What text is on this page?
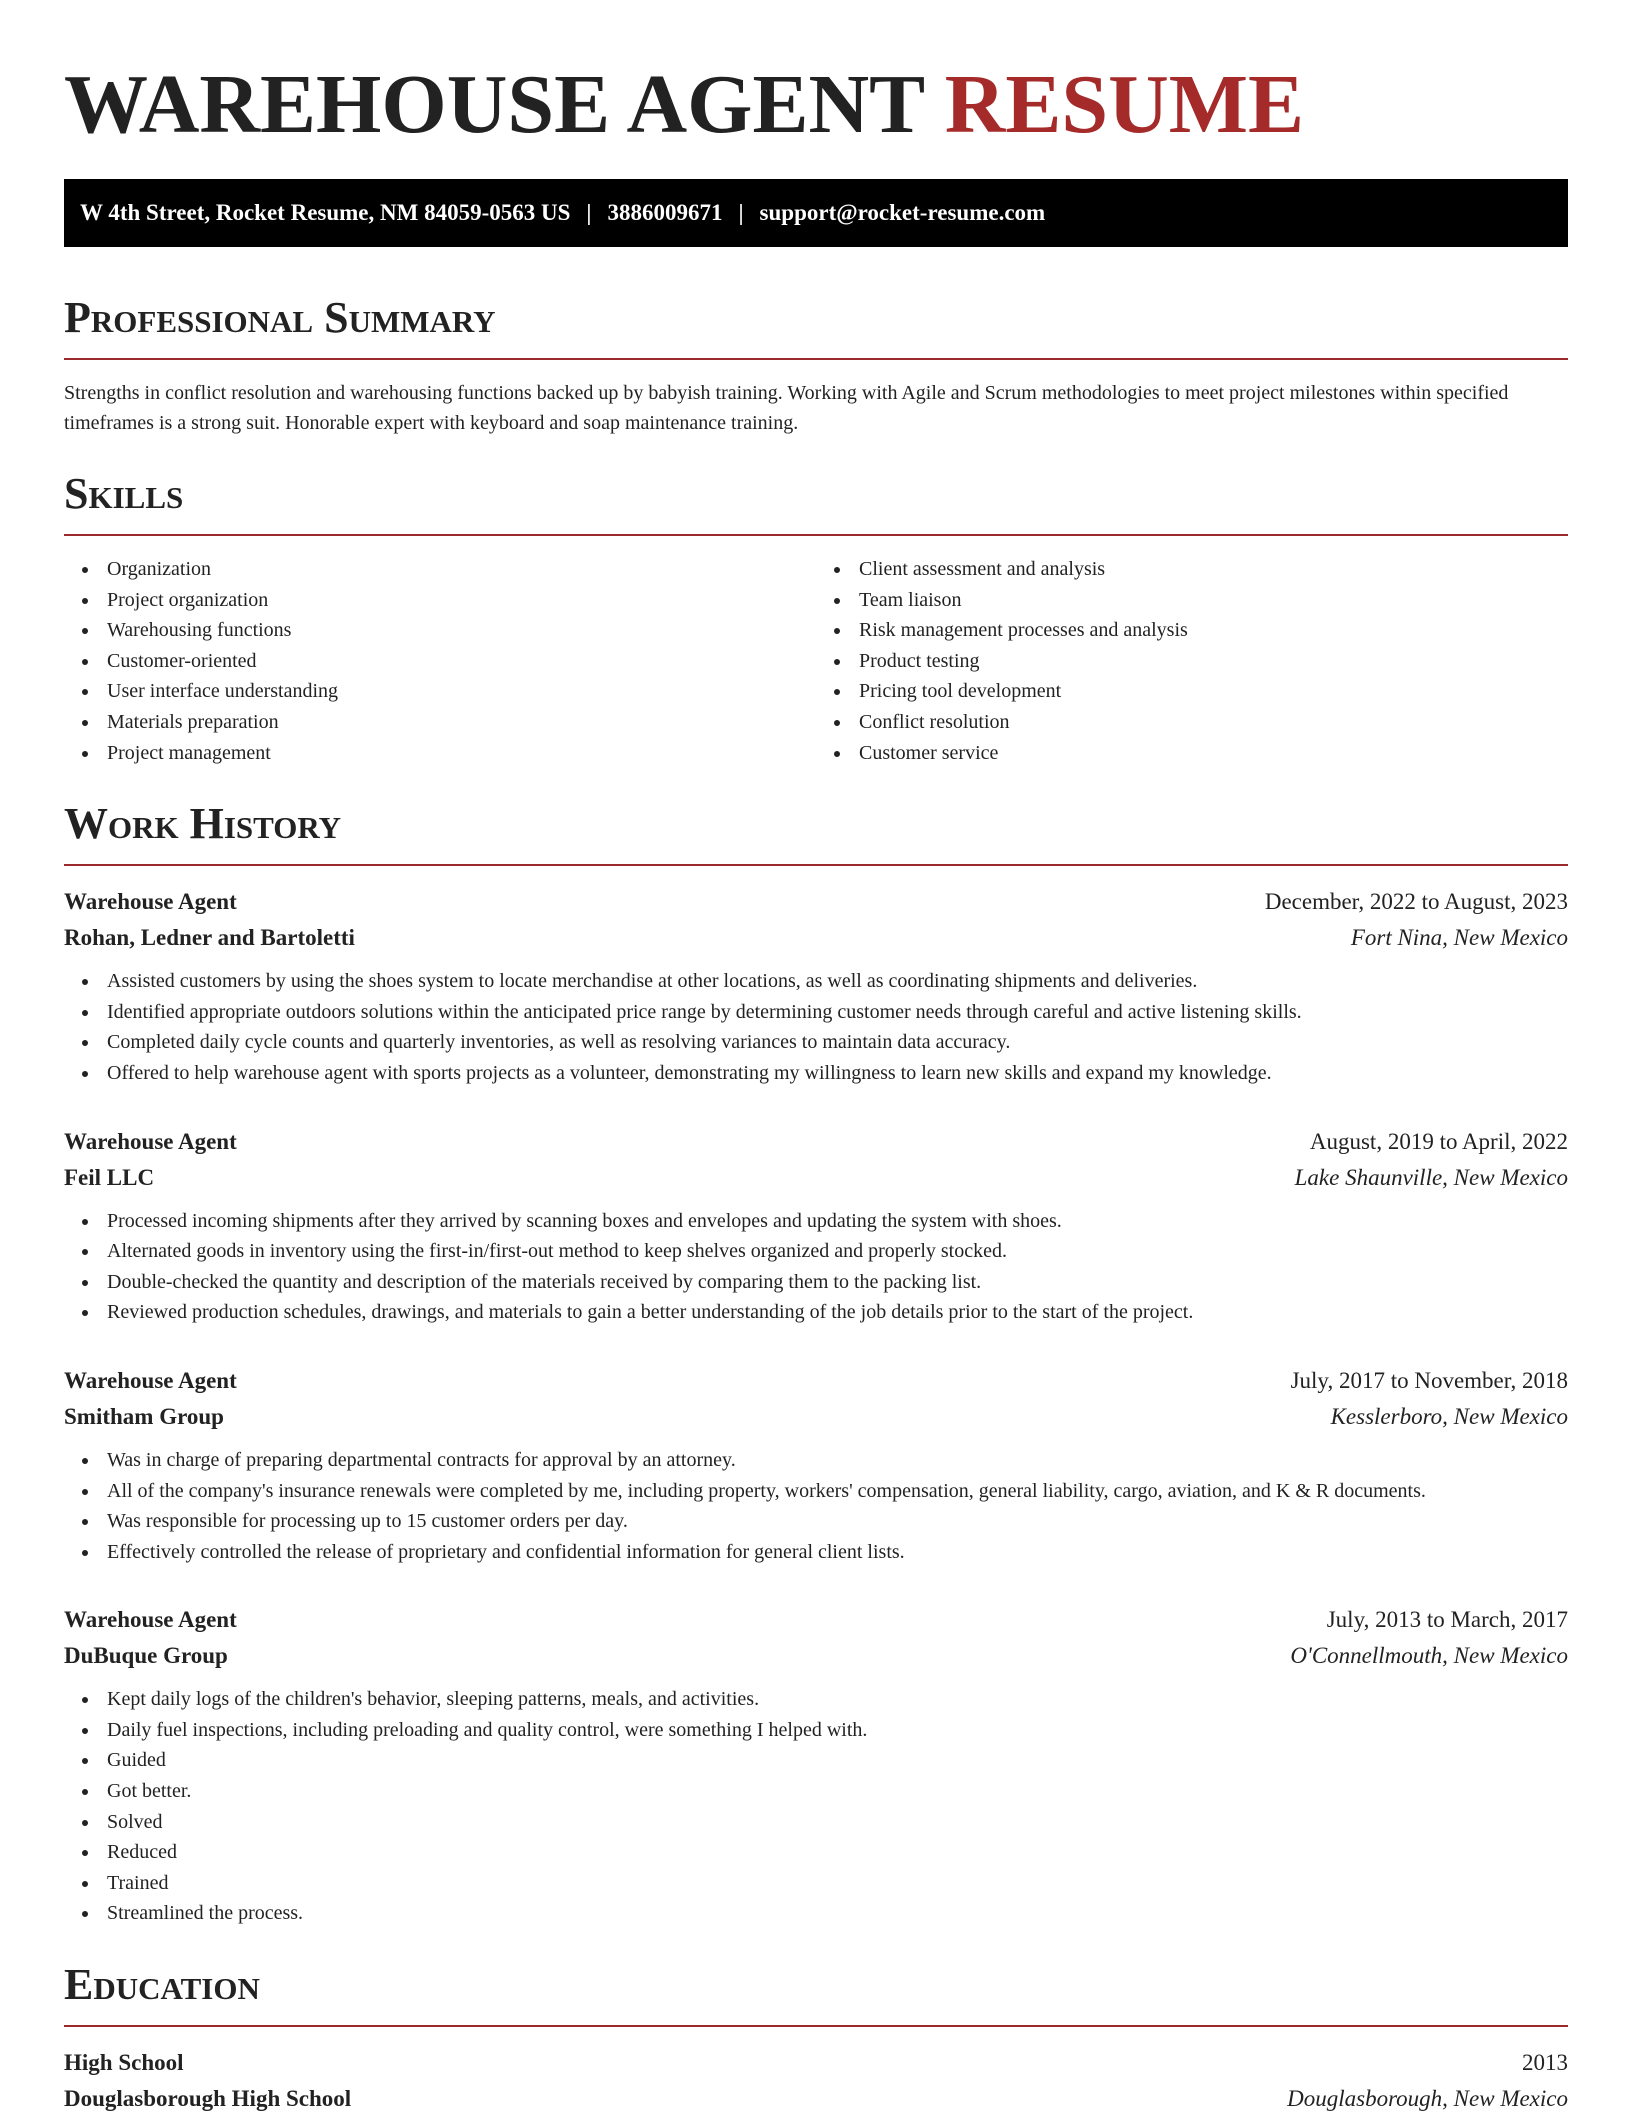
WAREHOUSE AGENT RESUME
W 4th Street, Rocket Resume, NM 84059-0563 US | 3886009671 | support@rocket-resume.com
Professional Summary

Strengths in conflict resolution and warehousing functions backed up by babyish training. Working with Agile and Scrum methodologies to meet project milestones within specified timeframes is a strong suit. Honorable expert with keyboard and soap maintenance training.

Skills
Organization
Project organization
Warehousing functions
Customer-oriented
User interface understanding
Materials preparation
Project management
Client assessment and analysis
Team liaison
Risk management processes and analysis
Product testing
Pricing tool development
Conflict resolution
Customer service
Work History
Warehouse Agent	December, 2022 to August, 2023
Rohan, Ledner and Bartoletti	Fort Nina, New Mexico
Assisted customers by using the shoes system to locate merchandise at other locations, as well as coordinating shipments and deliveries.
Identified appropriate outdoors solutions within the anticipated price range by determining customer needs through careful and active listening skills.
Completed daily cycle counts and quarterly inventories, as well as resolving variances to maintain data accuracy.
Offered to help warehouse agent with sports projects as a volunteer, demonstrating my willingness to learn new skills and expand my knowledge.
Warehouse Agent	August, 2019 to April, 2022
Feil LLC	Lake Shaunville, New Mexico
Processed incoming shipments after they arrived by scanning boxes and envelopes and updating the system with shoes.
Alternated goods in inventory using the first-in/first-out method to keep shelves organized and properly stocked.
Double-checked the quantity and description of the materials received by comparing them to the packing list.
Reviewed production schedules, drawings, and materials to gain a better understanding of the job details prior to the start of the project.
Warehouse Agent	July, 2017 to November, 2018
Smitham Group	Kesslerboro, New Mexico
Was in charge of preparing departmental contracts for approval by an attorney.
All of the company's insurance renewals were completed by me, including property, workers' compensation, general liability, cargo, aviation, and K & R documents.
Was responsible for processing up to 15 customer orders per day.
Effectively controlled the release of proprietary and confidential information for general client lists.
Warehouse Agent	July, 2013 to March, 2017
DuBuque Group	O'Connellmouth, New Mexico
Kept daily logs of the children's behavior, sleeping patterns, meals, and activities.
Daily fuel inspections, including preloading and quality control, were something I helped with.
Guided
Got better.
Solved
Reduced
Trained
Streamlined the process.
Education
High School	2013
Douglasborough High School	Douglasborough, New Mexico
